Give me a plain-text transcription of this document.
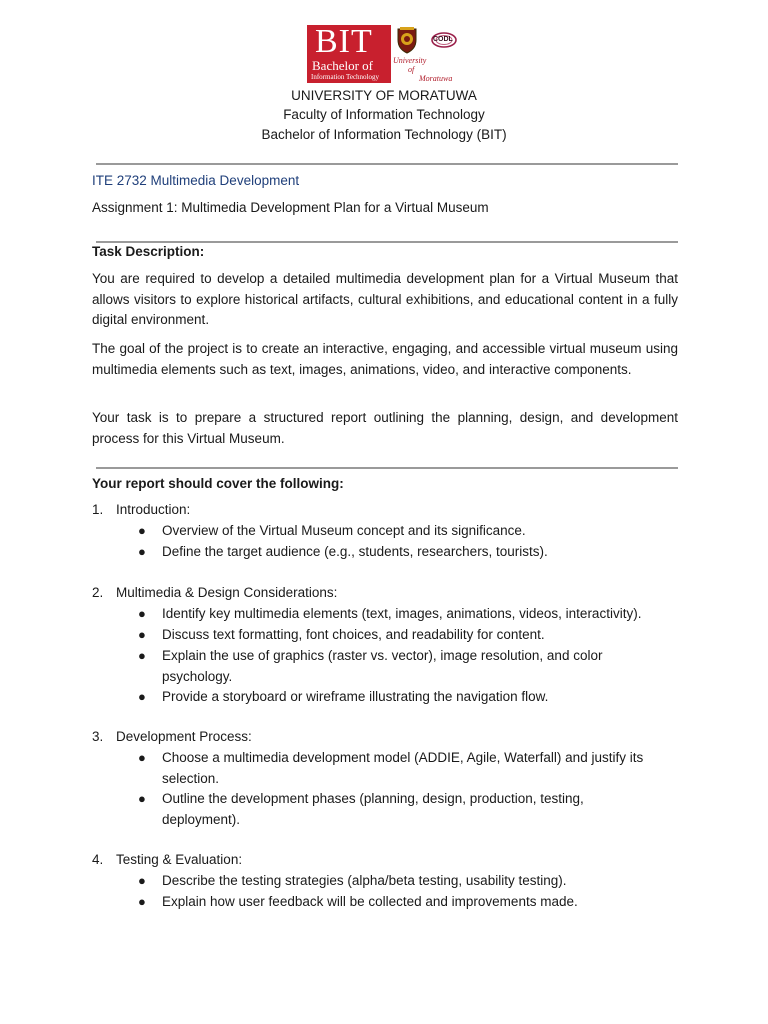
BIT
Bachelor of
Information Technology
CODL
University
of
Moratuwa
UNIVERSITY OF MORATUWA
Faculty of Information Technology
Bachelor of Information Technology (BIT)
ITE 2732 Multimedia Development
Assignment 1: Multimedia Development Plan for a Virtual Museum
Task Description:
You are required to develop a detailed multimedia development plan for a Virtual Museum that allows visitors to explore historical artifacts, cultural exhibitions, and educational content in a fully digital environment.
The goal of the project is to create an interactive, engaging, and accessible virtual museum using multimedia elements such as text, images, animations, video, and interactive components.
Your task is to prepare a structured report outlining the planning, design, and development process for this Virtual Museum.
Your report should cover the following:
1. Introduction:
●	Overview of the Virtual Museum concept and its significance.
●	Define the target audience (e.g., students, researchers, tourists).
2. Multimedia & Design Considerations:
●	Identify key multimedia elements (text, images, animations, videos, interactivity).
●	Discuss text formatting, font choices, and readability for content.
●	Explain the use of graphics (raster vs. vector), image resolution, and color psychology.
●	Provide a storyboard or wireframe illustrating the navigation flow.
3. Development Process:
●	Choose a multimedia development model (ADDIE, Agile, Waterfall) and justify its selection.
●	Outline the development phases (planning, design, production, testing, deployment).
4. Testing & Evaluation:
●	Describe the testing strategies (alpha/beta testing, usability testing).
●	Explain how user feedback will be collected and improvements made.
